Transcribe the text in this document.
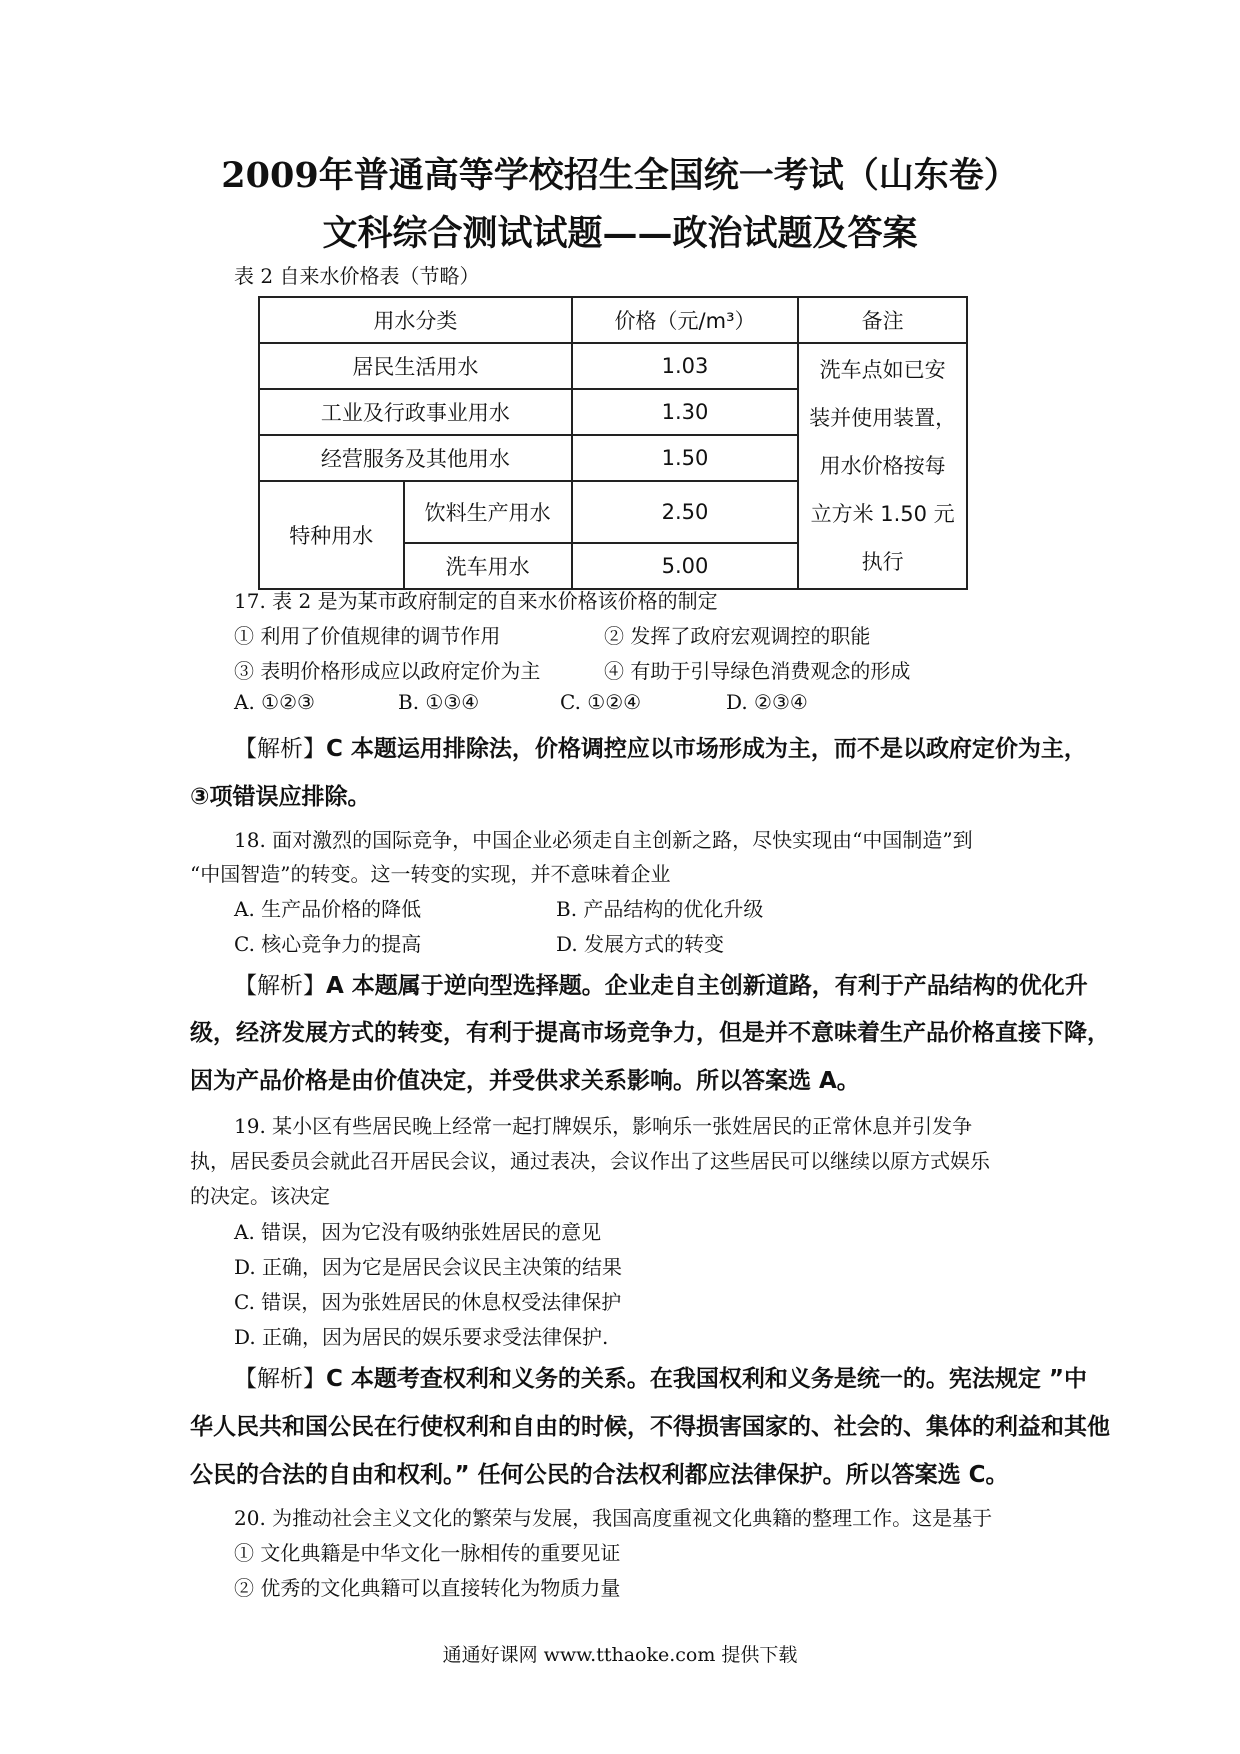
2009年普通高等学校招生全国统一考试（山东卷）
文科综合测试试题——政治试题及答案
表 2 自来水价格表（节略）
用水分类		价格（元/m³）	备注
居民生活用水		1.03	洗车点如已安
装并使用装置，
用水价格按每
立方米 1.50 元
执行

工业及行政事业用水		1.30	
经营服务及其他用水		1.50	
特种用水	饮料生产用水	2.50	
	洗车用水	5.00	
17. 表 2 是为某市政府制定的自来水价格该价格的制定
① 利用了价值规律的调节作用	② 发挥了政府宏观调控的职能
③ 表明价格形成应以政府定价为主	④ 有助于引导绿色消费观念的形成
A. ①②③	B. ①③④	C. ①②④	D. ②③④
【解析】C 本题运用排除法，价格调控应以市场形成为主，而不是以政府定价为主，
③项错误应排除。
18. 面对激烈的国际竞争，中国企业必须走自主创新之路，尽快实现由“中国制造”到
“中国智造”的转变。这一转变的实现，并不意味着企业
A. 生产品价格的降低	B. 产品结构的优化升级
C. 核心竞争力的提高	D. 发展方式的转变
【解析】A 本题属于逆向型选择题。企业走自主创新道路，有利于产品结构的优化升
级，经济发展方式的转变，有利于提高市场竞争力，但是并不意味着生产品价格直接下降，
因为产品价格是由价值决定，并受供求关系影响。所以答案选 A。
19. 某小区有些居民晚上经常一起打牌娱乐，影响乐一张姓居民的正常休息并引发争
执，居民委员会就此召开居民会议，通过表决，会议作出了这些居民可以继续以原方式娱乐
的决定。该决定
A. 错误，因为它没有吸纳张姓居民的意见
D. 正确，因为它是居民会议民主决策的结果
C. 错误，因为张姓居民的休息权受法律保护
D. 正确，因为居民的娱乐要求受法律保护.
【解析】C 本题考查权利和义务的关系。在我国权利和义务是统一的。宪法规定 ”中
华人民共和国公民在行使权利和自由的时候，不得损害国家的、社会的、集体的利益和其他
公民的合法的自由和权利。” 任何公民的合法权利都应法律保护。所以答案选 C。
20. 为推动社会主义文化的繁荣与发展，我国高度重视文化典籍的整理工作。这是基于
① 文化典籍是中华文化一脉相传的重要见证
② 优秀的文化典籍可以直接转化为物质力量
通通好课网 www.tthaoke.com 提供下载
